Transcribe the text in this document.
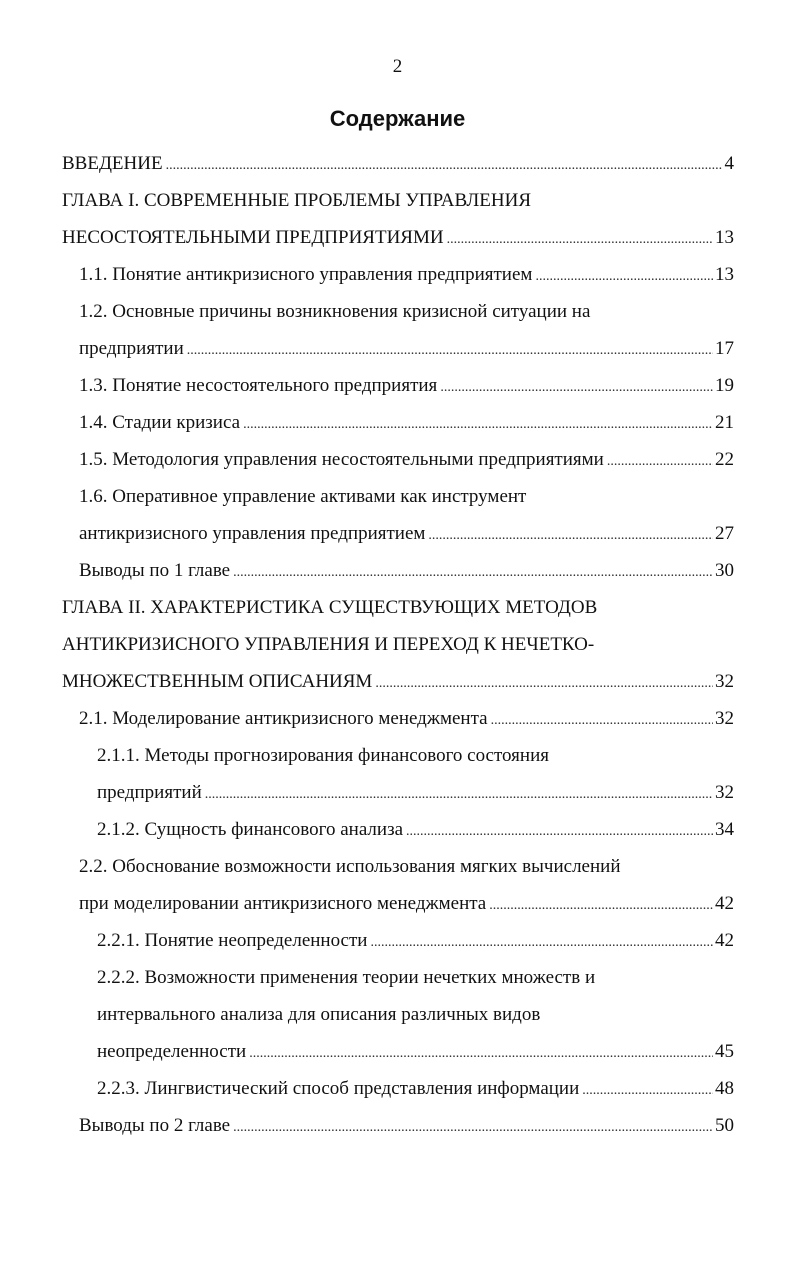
2
Содержание
ВВЕДЕНИЕ .....	4
ГЛАВА I. СОВРЕМЕННЫЕ ПРОБЛЕМЫ УПРАВЛЕНИЯ
НЕСОСТОЯТЕЛЬНЫМИ ПРЕДПРИЯТИЯМИ .....	13
1.1. Понятие антикризисного управления предприятием .....	13
1.2. Основные причины возникновения кризисной ситуации на
предприятии .....	17
1.3. Понятие несостоятельного предприятия .....	19
1.4. Стадии кризиса .....	21
1.5. Методология управления несостоятельными предприятиями .....	22
1.6. Оперативное управление активами как инструмент
антикризисного управления предприятием .....	27
Выводы по 1 главе .....	30
ГЛАВА II. ХАРАКТЕРИСТИКА СУЩЕСТВУЮЩИХ МЕТОДОВ
АНТИКРИЗИСНОГО УПРАВЛЕНИЯ И ПЕРЕХОД К НЕЧЕТКО-
МНОЖЕСТВЕННЫМ ОПИСАНИЯМ .....	32
2.1. Моделирование антикризисного менеджмента .....	32
2.1.1. Методы прогнозирования финансового состояния
предприятий .....	32
2.1.2. Сущность финансового анализа .....	34
2.2. Обоснование возможности использования мягких вычислений
при моделировании антикризисного менеджмента .....	42
2.2.1. Понятие неопределенности .....	42
2.2.2. Возможности применения теории нечетких множеств и
интервального анализа для описания различных видов
неопределенности .....	45
2.2.3. Лингвистический способ представления информации .....	48
Выводы по 2 главе .....	50
